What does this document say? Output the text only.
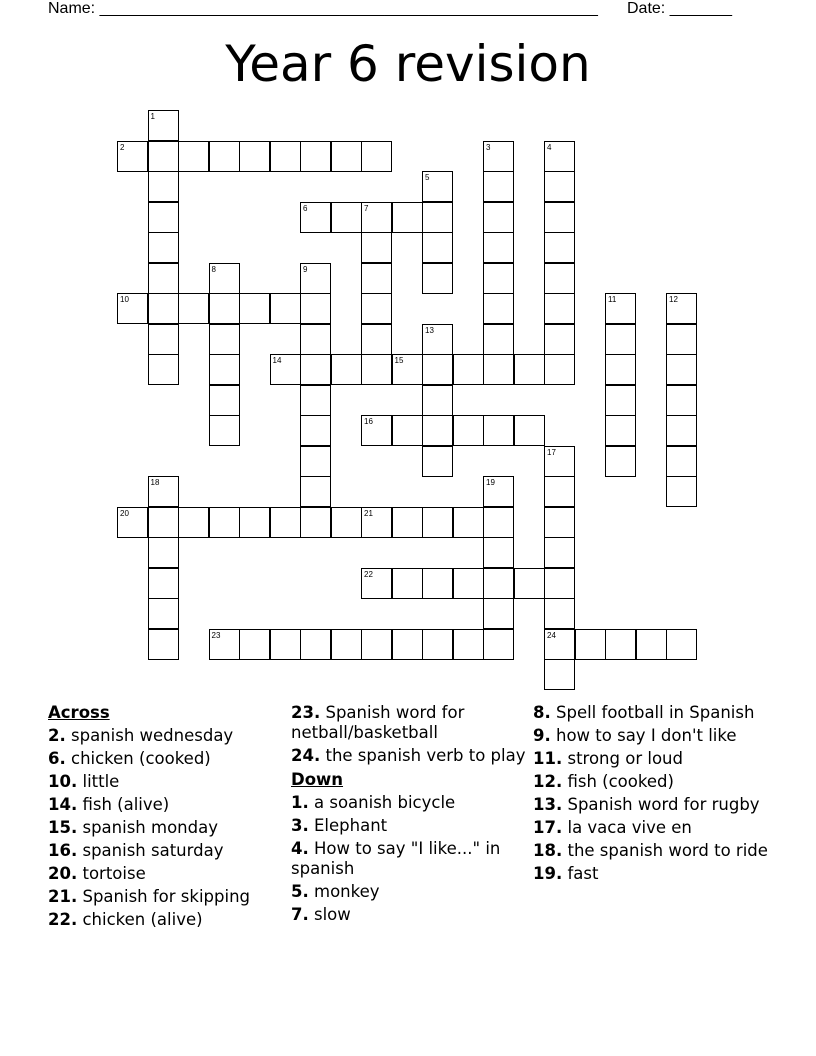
Name: ________________________________________________________ Date: _______
Year 6 revision
2
6
10
14	15
16
20	21
22
23	24
1
3	4
5
7
8	9
11	12
13
17
18	19
Across
2. spanish wednesday
6. chicken (cooked)
10. little
14. fish (alive)
15. spanish monday
16. spanish saturday
20. tortoise
21. Spanish for skipping
22. chicken (alive)
23. Spanish word for netball/basketball
24. the spanish verb to play
Down
1. a soanish bicycle
3. Elephant
4. How to say "I like..." in spanish
5. monkey
7. slow
8. Spell football in Spanish
9. how to say I don't like
11. strong or loud
12. fish (cooked)
13. Spanish word for rugby
17. la vaca vive en
18. the spanish word to ride
19. fast
